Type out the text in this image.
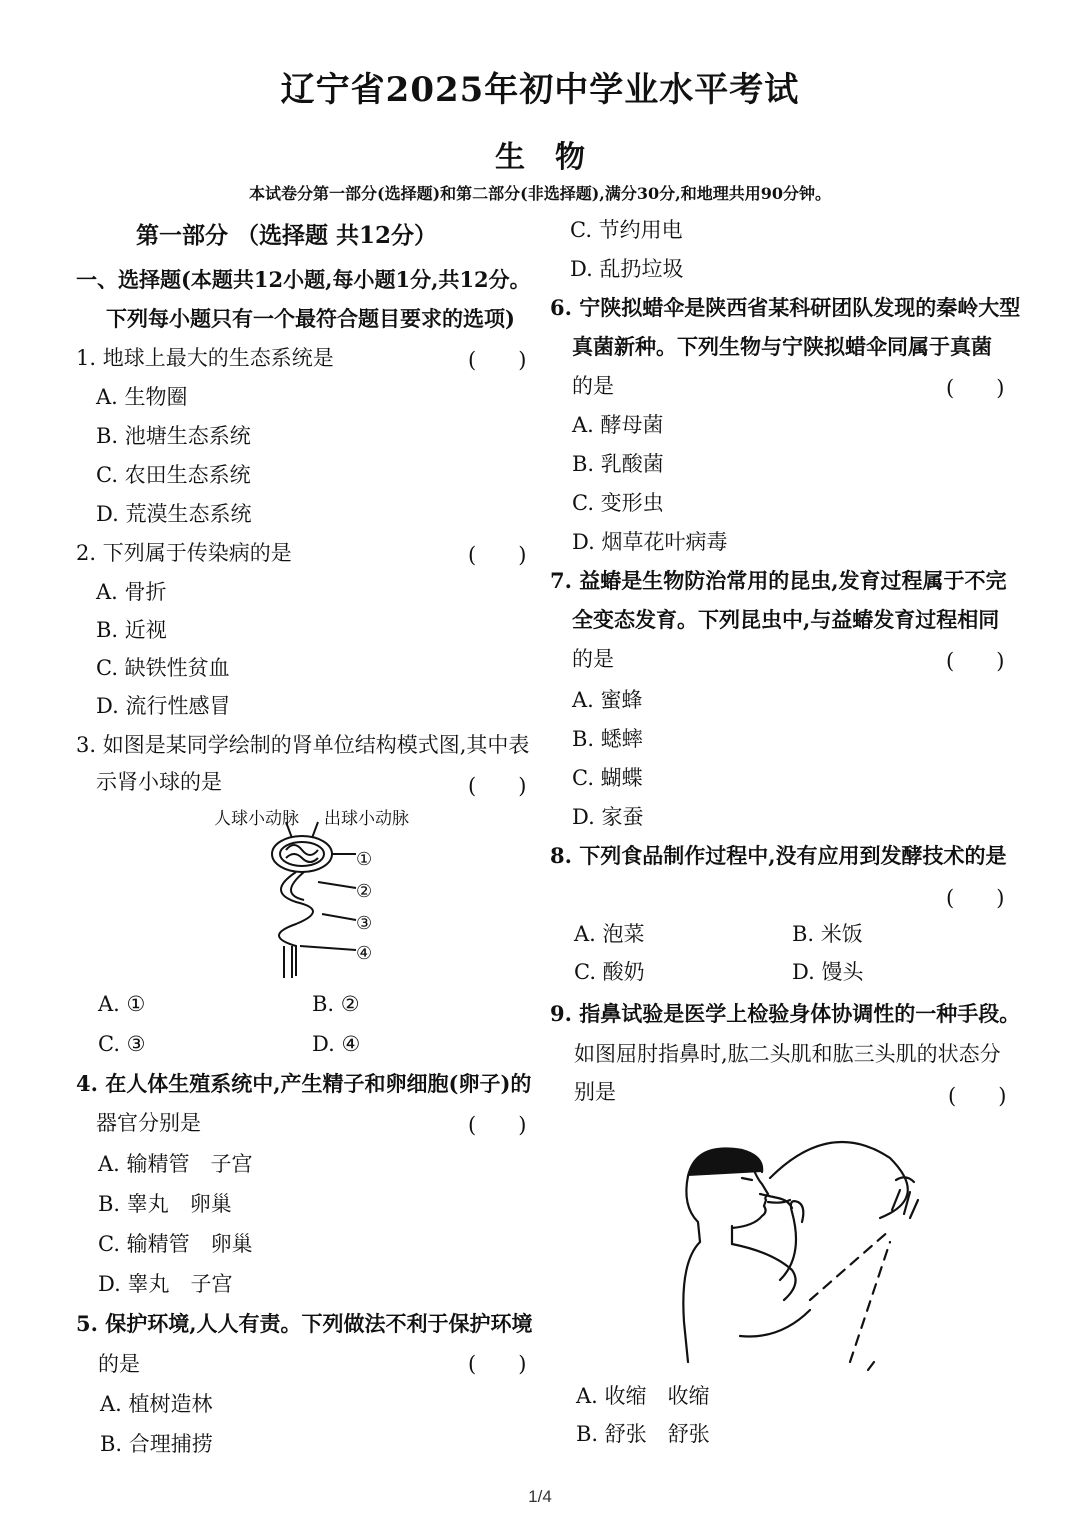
辽宁省2025年初中学业水平考试
生物
本试卷分第一部分(选择题)和第二部分(非选择题),满分30分,和地理共用90分钟。
第一部分 （选择题 共12分）
一、选择题(本题共12小题,每小题1分,共12分。
下列每小题只有一个最符合题目要求的选项)
1. 地球上最大的生态系统是	(　　)
A. 生物圈
B. 池塘生态系统
C. 农田生态系统
D. 荒漠生态系统
2. 下列属于传染病的是	(　　)
A. 骨折
B. 近视
C. 缺铁性贫血
D. 流行性感冒
3. 如图是某同学绘制的肾单位结构模式图,其中表
示肾小球的是	(　　)
人球小动脉 出球小动脉
①
②
③
④
A. ①	B. ②
C. ③	D. ④
4. 在人体生殖系统中,产生精子和卵细胞(卵子)的
器官分别是	(　　)
A. 输精管　子宫
B. 睾丸　卵巢
C. 输精管　卵巢
D. 睾丸　子宫
5. 保护环境,人人有责。下列做法不利于保护环境
的是	(　　)
A. 植树造林
B. 合理捕捞
C. 节约用电
D. 乱扔垃圾
6. 宁陕拟蜡伞是陕西省某科研团队发现的秦岭大型
真菌新种。下列生物与宁陕拟蜡伞同属于真菌
的是	(　　)
A. 酵母菌
B. 乳酸菌
C. 变形虫
D. 烟草花叶病毒
7. 益蝽是生物防治常用的昆虫,发育过程属于不完
全变态发育。下列昆虫中,与益蝽发育过程相同
的是	(　　)
A. 蜜蜂
B. 蟋蟀
C. 蝴蝶
D. 家蚕
8. 下列食品制作过程中,没有应用到发酵技术的是
(　　)
A. 泡菜	B. 米饭
C. 酸奶	D. 馒头
9. 指鼻试验是医学上检验身体协调性的一种手段。
如图屈肘指鼻时,肱二头肌和肱三头肌的状态分
别是	(　　)
A. 收缩　收缩
B. 舒张　舒张
1/4
